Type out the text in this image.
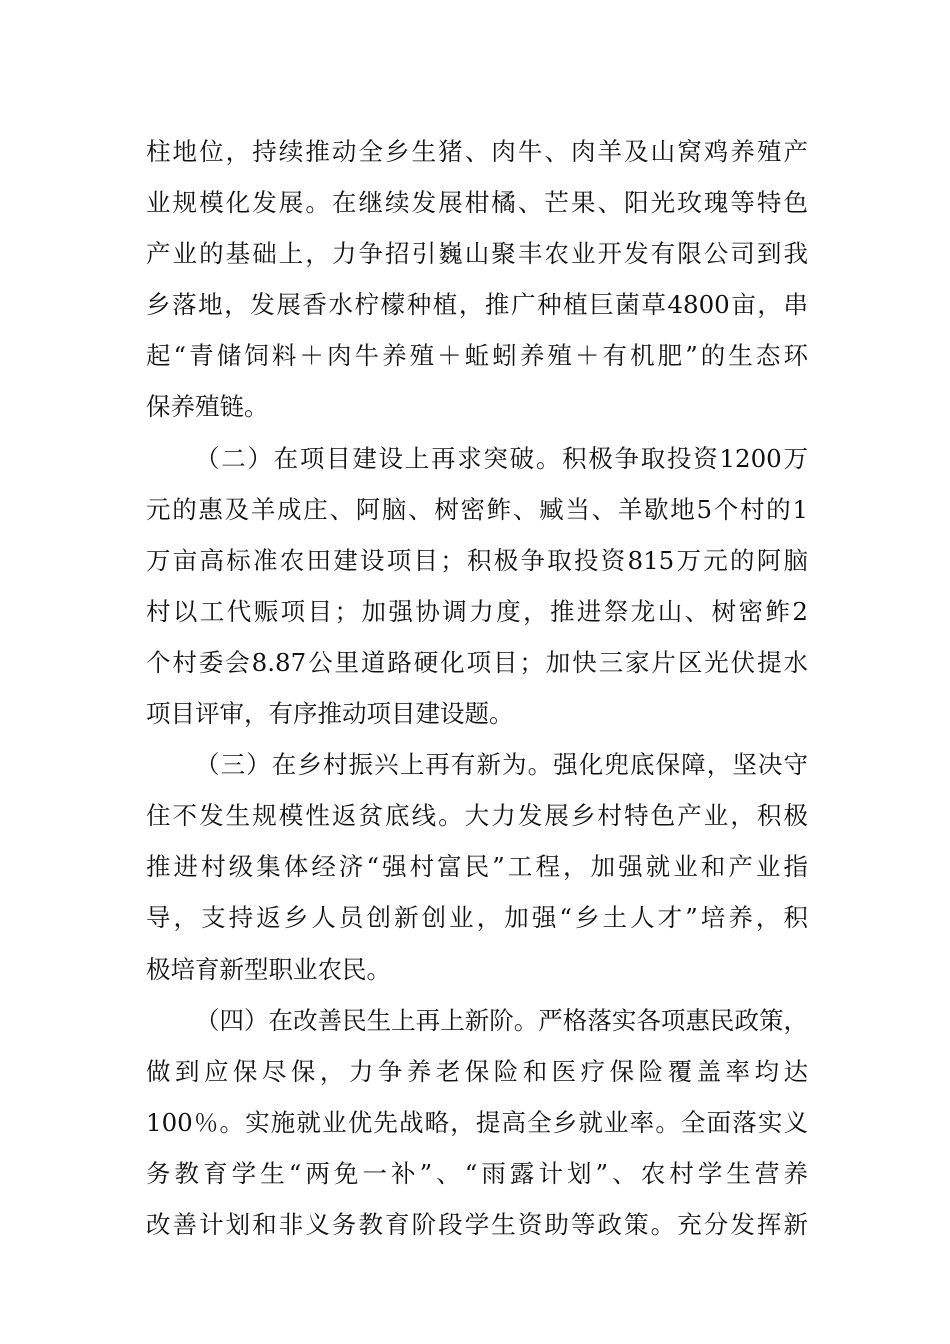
柱地位，持续推动全乡生猪、肉牛、肉羊及山窝鸡养殖产
业规模化发展。在继续发展柑橘、芒果、阳光玫瑰等特色
产业的基础上，力争招引巍山聚丰农业开发有限公司到我
乡落地，发展香水柠檬种植，推广种植巨菌草4800亩，串
起“青储饲料＋肉牛养殖＋蚯蚓养殖＋有机肥”的生态环
保养殖链。
（二）在项目建设上再求突破。积极争取投资1200万
元的惠及羊成庄、阿脑、树密鲊、臧当、羊歇地5个村的1
万亩高标准农田建设项目；积极争取投资815万元的阿脑
村以工代赈项目；加强协调力度，推进祭龙山、树密鲊2
个村委会8.87公里道路硬化项目；加快三家片区光伏提水
项目评审，有序推动项目建设题。
（三）在乡村振兴上再有新为。强化兜底保障，坚决守
住不发生规模性返贫底线。大力发展乡村特色产业，积极
推进村级集体经济“强村富民”工程，加强就业和产业指
导，支持返乡人员创新创业，加强“乡土人才”培养，积
极培育新型职业农民。
（四）在改善民生上再上新阶。严格落实各项惠民政策，
做到应保尽保，力争养老保险和医疗保险覆盖率均达
100％。实施就业优先战略，提高全乡就业率。全面落实义
务教育学生“两免一补”、“雨露计划”、农村学生营养
改善计划和非义务教育阶段学生资助等政策。充分发挥新
